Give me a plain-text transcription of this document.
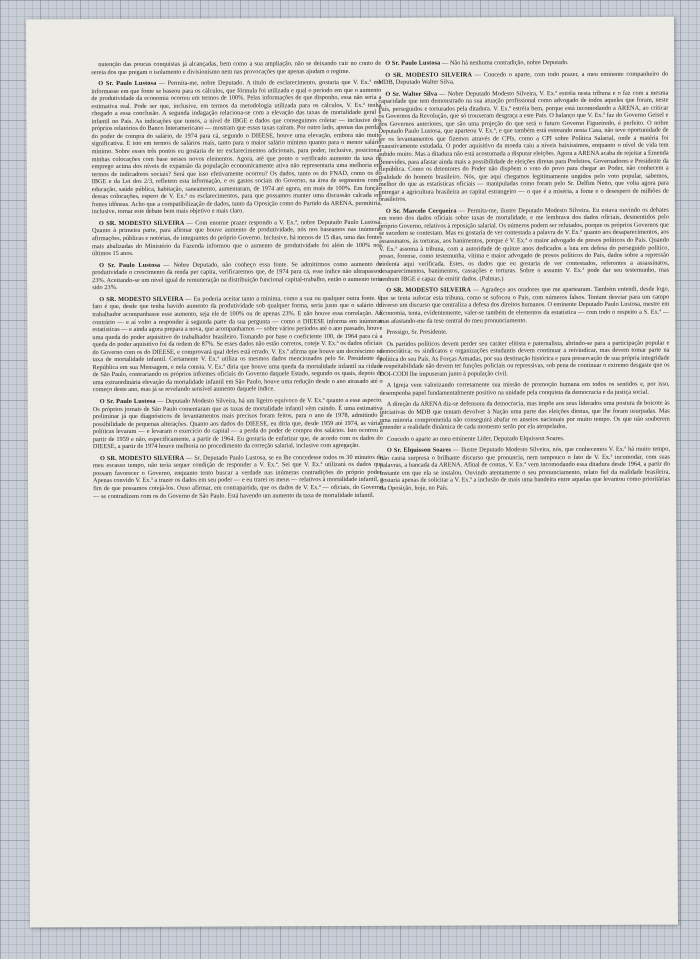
nutenção das poucas conquistas já alcançadas, bem como a sua ampliação, não se deixando cair no conto de sereia dos que pregam o isolamento e divisionismo nem nas provocações que apenas ajudam o regime.

O Sr. Paulo Lustosa — Permita-me, nobre Deputado. A título de esclarecimento, gostaria que V. Ex.ª me informasse em que fonte se baseou para os cálculos, que fórmula foi utilizada e qual o período em que o aumento de produtividade da economia ocorreu em termos de 100%. Pelas informações de que disponho, essa não seria a estimativa real. Pode ser que, inclusive, em termos da metodologia utilizada para os cálculos, V. Ex.ª tenha chegado a essa conclusão. A segunda indagação relaciona-se com a elevação das taxas de mortalidade geral e infantil no País. As indicações que temos, a nível de IBGE e dados que conseguimos coletar — inclusive dos próprios relatórios do Banco Interamericano — mostram que essas taxas caíram. Por outro lado, apenas das perdas do poder de compra do salário, de 1974 para cá, segundo o DIEESE, houve uma elevação, embora não muito significativa. E isto em termos de salários reais, tanto para o maior salário mínimo quanto para o menor salário mínimo. Sobre esses três pontos eu gostaria de ter esclarecimentos adicionais, para poder, inclusive, posicionar minhas colocações com base nesses novos elementos. Agora, até que ponto o verificado aumento da taxa de emprego acima dos níveis de expansão da população economicamente ativa não representaria uma melhoria em termos de indicadores sociais? Será que isso efetivamente ocorreu? Os dados, tanto os do FNAD, como os do IBGE e da Lei dos 2/3, refletem esta informação, e os gastos sociais do Governo, na área de segmentos como educação, saúde pública, habitação, saneamento, aumentaram, de 1974 até agora, em mais de 100%. Em função dessas colocações, espero de V. Ex.ª os esclarecimentos, para que possamos manter uma discussão calcada em fontes idôneas. Acho que a compatibilização de dados, tanto da Oposição como do Partido da ARENA, permitiria, inclusive, tornar este debate bem mais objetivo e mais claro.

O SR. MODESTO SILVEIRA — Com enorme prazer respondo a V. Ex.ª, nobre Deputado Paulo Lustosa. Quanto à primeira parte, para afirmar que houve aumento de produtividade, nós nos baseamos nas inúmeras afirmações, públicas e notórias, de integrantes do próprio Governo. Inclusive, há menos de 15 dias, uma das fontes mais abalizadas do Ministério da Fazenda informou que o aumento de produtividade foi além de 100% nos últimos 15 anos.

O Sr. Paulo Lustosa — Nobre Deputado, não conheço essa fonte. Se admitirmos como aumento de produtividade o crescimento da renda per capita, verificaremos que, de 1974 para cá, esse índice não ultrapassou 23%. Aceitando-se um nível igual de remuneração na distribuição funcional capital-trabalho, então o aumento teria sido 23%.

O SR. MODESTO SILVEIRA — Eu poderia aceitar tanto a mínima, como a sua ou qualquer outra fonte. O fato é que, desde que tenha havido aumento da produtividade sob qualquer forma, seria justo que o salário do trabalhador acompanhasse esse aumento, seja ele de 100% ou de apenas 23%. E não houve essa correlação. Ao contrário — e aí volto a responder à segunda parte da sua pergunta — como o DIEESE informa em inúmeras estatísticas — e ainda agora prepara a nova, que acompanhamos — sobre vários períodos até o ano passado, houve uma queda do poder aquisitivo do trabalhador brasileiro. Tomando por base o coeficiente 100, de 1964 para cá a queda do poder aquisitivo foi da ordem de 87%. Se esses dados não estão corretos, coteje V. Ex.ª os dados oficiais do Governo com os do DIEESE, e comprovará qual deles está errado. V. Ex.ª afirma que houve um decréscimo na taxa de mortalidade infantil. Certamente V. Ex.ª utiliza os mesmos dados mencionados pelo Sr. Presidente da República em sua Mensagem, e nela consta. V. Ex.ª diria que houve uma queda da mortalidade infantil na cidade de São Paulo, contrariando os próprios informes oficiais do Governo daquele Estado, segundo os quais, depois de uma extraordinária elevação da mortalidade infantil em São Paulo, houve uma redução desde o ano atrasado até o começo deste ano, mas já se revelando sensível aumento daquele índice.

O Sr. Paulo Lustosa — Deputado Modesto Silveira, há um ligeiro equívoco de V. Ex.ª quanto a esse aspecto. Os próprios jornais de São Paulo comentaram que as taxas de mortalidade infantil vêm caindo. É uma estimativa preliminar já que diagnósticos de levantamentos mais precisos foram feitos, para o ano de 1978, admitindo a possibilidade de pequenas alterações. Quanto aos dados do DIEESE, eu diria que, desde 1959 até 1974, as várias políticas levaram — e levaram o exercício do capital — a perda do poder de compra dos salários. Isto ocorreu a partir de 1959 e não, especificamente, a partir de 1964. Eu gostaria de enfatizar que, de acordo com os dados do DIEESE, a partir de 1974 houve melhoria no procedimento da correção salarial, inclusive com agregação.

O SR. MODESTO SILVEIRA — Sr. Deputado Paulo Lustosa, se eu lhe concedesse todos os 30 minutos do meu escasso tempo, não teria sequer condição de responder a V. Ex.ª. Sei que V. Ex.ª utilizará os dados que possam favorecer o Governo, enquanto tento buscar a verdade nas inúmeras contradições do próprio poder. Apenas convido V. Ex.ª a trazer os dados em seu poder — e eu trarei os meus — relativos à mortalidade infantil, a fim de que possamos cotejá-los. Ouso afirmar, em contrapartida, que os dados de V. Ex.ª — oficiais, do Governo — se contradizem com os do Governo de São Paulo. Está havendo um aumento da taxa de mortalidade infantil.

O Sr. Paulo Lustosa — Não há nenhuma contradição, nobre Deputado.

O SR. MODESTO SILVEIRA — Concedo o aparte, com todo prazer, a meu eminente companheiro do MDB, Deputado Walter Silva.

O Sr. Walter Silva — Nobre Deputado Modesto Silveira, V. Ex.ª estréia nesta tribuna e o faz com a mesma capacidade que tem demonstrado na sua atuação profissional como advogado de todos aqueles que foram, neste País, perseguidos e torturados pela ditadura. V. Ex.ª estréia bem, porque está incomodando a ARENA, ao criticar os Governos da Revolução, que só trouxeram desgraça a este País. O balanço que V. Ex.ª faz do Governo Geisel e dos Governos anteriores, que são uma projeção do que será o futuro Governo Figueiredo, é perfeito. O nobre Deputado Paulo Lustosa, que aparteou V. Ex.ª, e que também está estreando nesta Casa, não teve oportunidade de ler os levantamentos que fizemos através de CPIs, como a CPI sobre Política Salarial, onde a matéria foi exaustivamente estudada. O poder aquisitivo da moeda caiu a níveis baixíssimos, enquanto o nível de vida tem subido muito. Mas a ditadura não está acostumada a disputar eleições. Agora a ARENA acaba de rejeitar a Emenda Benevides, para afastar ainda mais a possibilidade de eleições diretas para Prefeitos, Governadores e Presidente da República. Como os detentores do Poder não dispõem o voto do povo para chegar ao Poder, não conhecem a realidade do homem brasileiro. Nós, que aqui chegamos legitimamente ungidos pelo voto popular, sabemos, melhor do que as estatísticas oficiais — manipuladas como foram pelo Sr. Delfim Netto, que volta agora para entregar a agricultura brasileira ao capital estrangeiro — o que é a miséria, a fome e o desespero de milhões de brasileiros.

O Sr. Marcelo Cerqueira — Permita-me, ilustre Deputado Modesto Silveira. Eu estava ouvindo os debates em torno dos dados oficiais sobre taxas de mortalidade, e me lembrava dos dados oficiais, desmentidos pelo próprio Governo, relativos à reposição salarial. Os números podem ser refutados, porque os próprios Governos que se sucedem se contestam. Mas eu gostaria de ver contestada a palavra de V. Ex.ª quanto aos desaparecimentos, aos assassinatos, às torturas, aos banimentos, porque é V. Ex.ª o maior advogado de presos políticos do País. Quando V. Ex.ª assoma à tribuna, com a autoridade de quinze anos dedicados a luta em defesa do perseguido político, posso, forense, como testemunha, vítima e maior advogado de presos políticos do País, dados sobre a repressão violenta aqui verificada. Estes, os dados que eu gostaria de ver contestados, referentes a assassinatos, desaparecimentos, banimentos, cassações e torturas. Sobre o assunto V. Ex.ª pode dar seu testemunho, mas nenhum IBGE é capaz de emitir dados. (Palmas.)

O SR. MODESTO SILVEIRA — Agradeço aos oradores que me apartearam. Também entendi, desde logo, que se tenta sufocar esta tribuna, como se sufocou o País, com números falsos. Tentam desviar para um campo diverso um discurso que centraliza a defesa dos direitos humanos. O eminente Deputado Paulo Lustosa, mestre em Economia, tenta, evidentemente, valer-se também de elementos da estatística — com todo o respeito a S. Ex.ª — mas afastando-me da tese central do meu pronunciamento.

Prossigo, Sr. Presidente.

Os partidos políticos devem perder seu caráter elitista e paternalista, abrindo-se para a participação popular e democrática; os sindicatos e organizações estudantis devem continuar a reivindicar, mas devem tomar parte na política do seu País. As Forças Armadas, por sua destinação histórica e para preservação de sua própria integridade e respeitabilidade não devem ter funções policiais ou repressivas, sob pena de continuar o extremo desgaste que os DOI-CODI lhe impuseram junto à população civil.

A Igreja vem valorizando corretamente sua missão de promoção humana em todos os sentidos e, por isso, desempenha papel fundamentalmente positivo na unidade pela conquista da democracia e da justiça social.

A direção da ARENA diz-se defensora da democracia, mas impõe aos seus liderados uma postura de boicote às iniciativas do MDB que tentam devolver à Nação uma parte das eleições diretas, que lhe foram usurpadas. Mas uma minoria comprometida não conseguirá abafar os anseios nacionais por muito tempo. Os que não souberem entender a realidade dinâmica de cada momento serão por ela atropelados.

Concedo o aparte ao meu eminente Líder, Deputado Elquisson Soares.

O Sr. Elquisson Soares — Ilustre Deputado Modesto Silveira, nós, que conhecemos V. Ex.ª há muito tempo, não causa surpresa o brilhante discurso que pronuncia, nem tampouco o fato de V. Ex.ª incomodar, com suas palavras, a bancada da ARENA. Afinal de contas, V. Ex.ª vem incomodando essa ditadura desde 1964, a partir do instante em que ela se instalou. Ouvindo atentamente o seu pronunciamento, relato fiel da realidade brasileira, gostaria apenas de solicitar a V. Ex.ª a inclusão de mais uma bandeira entre aquelas que levantou como prioritárias da Oposição, hoje, no País.
